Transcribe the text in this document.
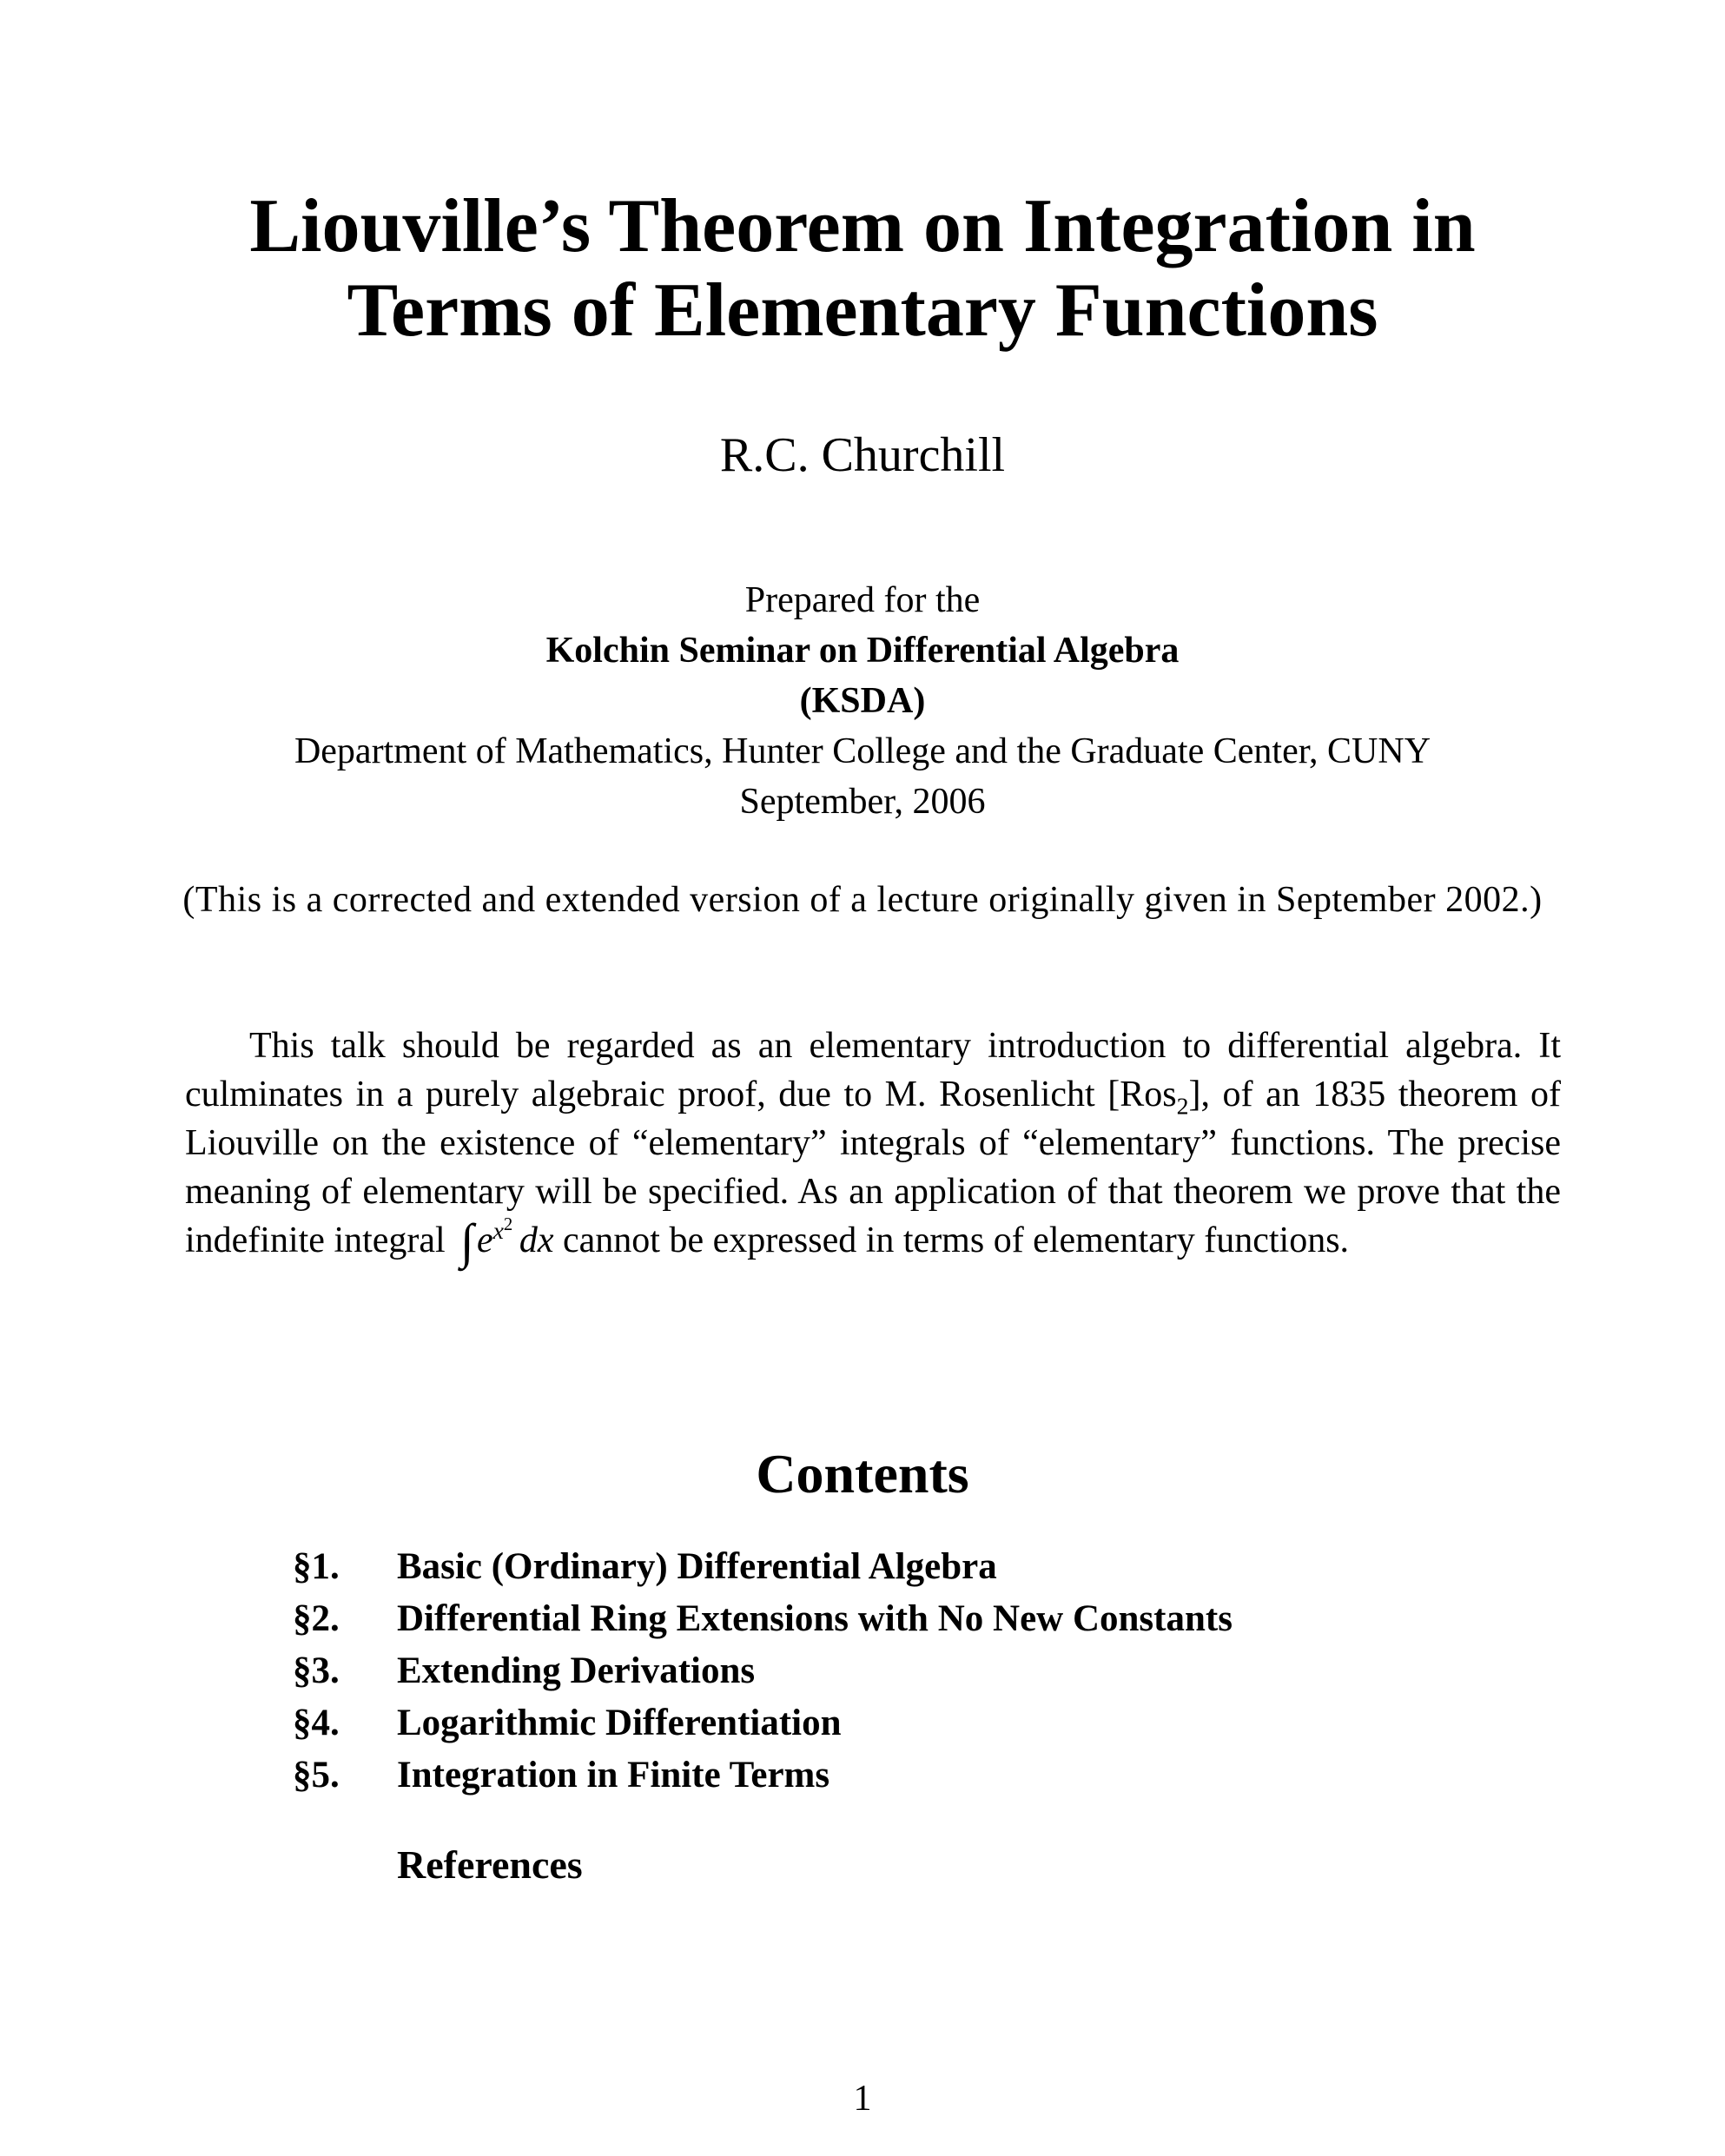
Liouville’s Theorem on Integration in
Terms of Elementary Functions
R.C. Churchill
Prepared for the
Kolchin Seminar on Differential Algebra
(KSDA)
Department of Mathematics, Hunter College and the Graduate Center, CUNY
September, 2006
(This is a corrected and extended version of a lecture originally given in September 2002.)

This talk should be regarded as an elementary introduction to differential algebra. It culminates in a purely algebraic proof, due to M. Rosenlicht [Ros$_2$], of an 1835 theorem of Liouville on the existence of “elementary” integrals of “elementary” functions. The precise meaning of elementary will be specified. As an application of that theorem we prove that the indefinite integral $\int e^{x^2}$ dx cannot be expressed in terms of elementary functions.

Contents
§1.	Basic (Ordinary) Differential Algebra
§2.	Differential Ring Extensions with No New Constants
§3.	Extending Derivations
§4.	Logarithmic Differentiation
§5.	Integration in Finite Terms
References
1
